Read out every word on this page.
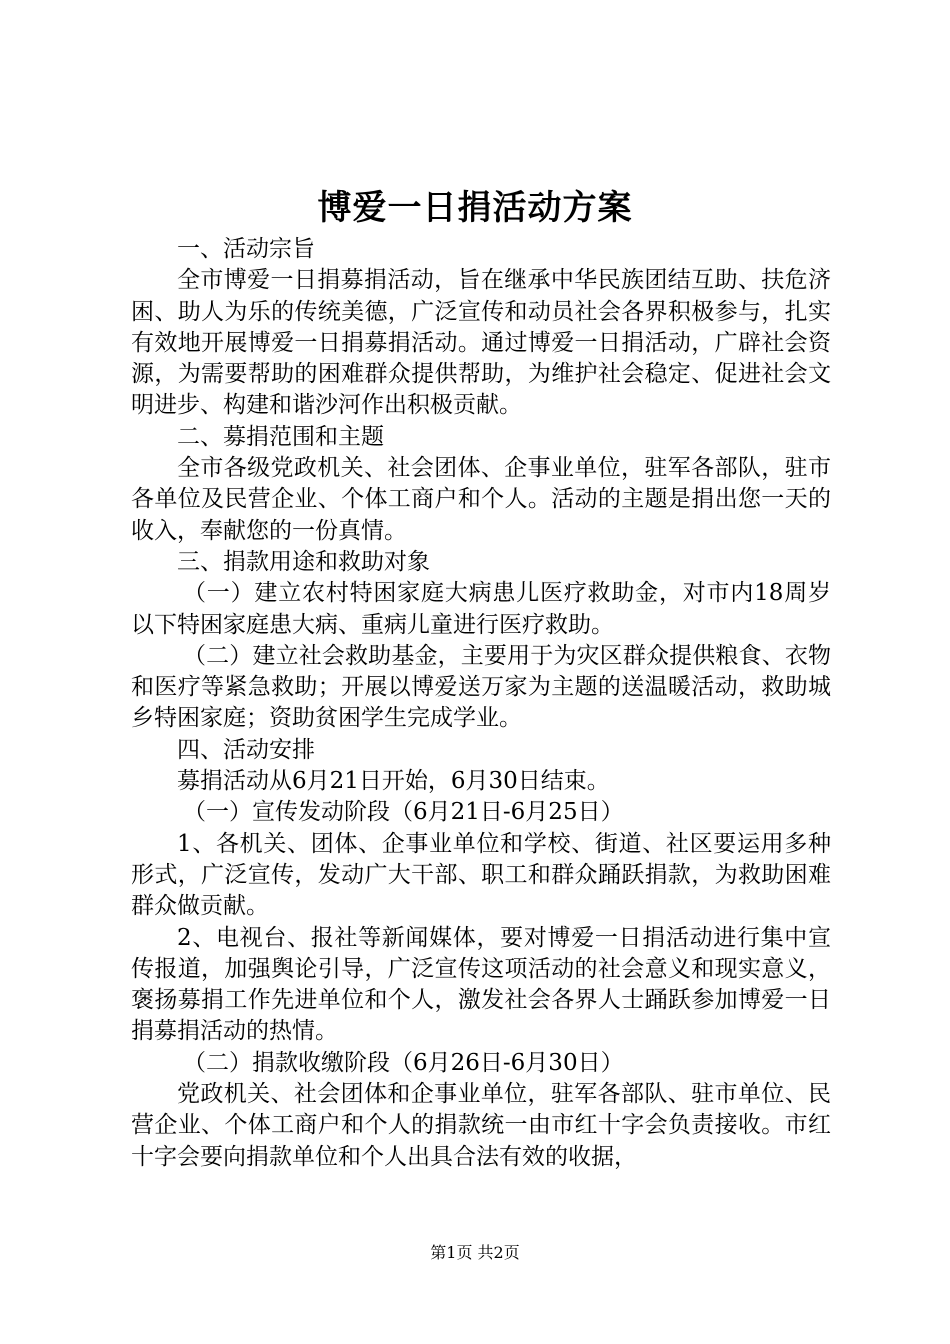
博爱一日捐活动方案

一、活动宗旨

全市博爱一日捐募捐活动，旨在继承中华民族团结互助、扶危济困、助人为乐的传统美德，广泛宣传和动员社会各界积极参与，扎实有效地开展博爱一日捐募捐活动。通过博爱一日捐活动，广辟社会资源，为需要帮助的困难群众提供帮助，为维护社会稳定、促进社会文明进步、构建和谐沙河作出积极贡献。

二、募捐范围和主题

全市各级党政机关、社会团体、企事业单位，驻军各部队，驻市各单位及民营企业、个体工商户和个人。活动的主题是捐出您一天的收入，奉献您的一份真情。

三、捐款用途和救助对象

（一）建立农村特困家庭大病患儿医疗救助金，对市内18周岁以下特困家庭患大病、重病儿童进行医疗救助。

（二）建立社会救助基金，主要用于为灾区群众提供粮食、衣物和医疗等紧急救助；开展以博爱送万家为主题的送温暖活动，救助城乡特困家庭；资助贫困学生完成学业。

四、活动安排

募捐活动从6月21日开始，6月30日结束。

（一）宣传发动阶段（6月21日-6月25日）

1、各机关、团体、企事业单位和学校、街道、社区要运用多种形式，广泛宣传，发动广大干部、职工和群众踊跃捐款，为救助困难群众做贡献。

2、电视台、报社等新闻媒体，要对博爱一日捐活动进行集中宣传报道，加强舆论引导，广泛宣传这项活动的社会意义和现实意义，褒扬募捐工作先进单位和个人，激发社会各界人士踊跃参加博爱一日捐募捐活动的热情。

（二）捐款收缴阶段（6月26日-6月30日）

党政机关、社会团体和企事业单位，驻军各部队、驻市单位、民营企业、个体工商户和个人的捐款统一由市红十字会负责接收。市红十字会要向捐款单位和个人出具合法有效的收据，

第1页 共2页
